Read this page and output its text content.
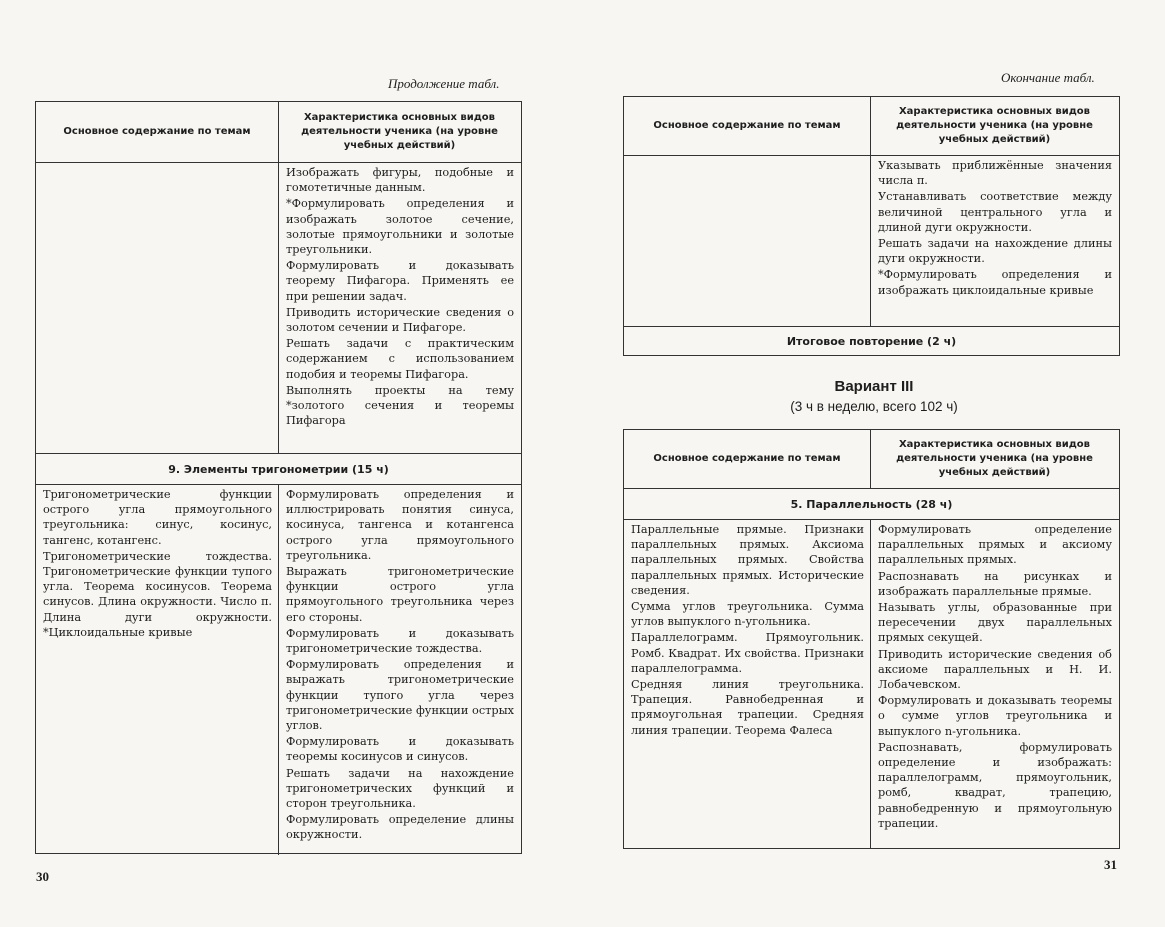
Продолжение табл.
Основное содержание по темам
Характеристика основных видов деятельности ученика (на уровне учебных действий)

Изображать фигуры, подобные и гомотетичные данным.

*Формулировать определения и изображать золотое сечение, золотые прямоугольники и золотые треугольники.

Формулировать и доказывать теорему Пифагора. Применять ее при решении задач.

Приводить исторические сведения о золотом сечении и Пифагоре.

Решать задачи с практическим содержанием с использованием подобия и теоремы Пифагора.

Выполнять проекты на тему *золотого сечения и теоремы Пифагора

9. Элементы тригонометрии (15 ч)

Тригонометрические функции острого угла прямоугольного треугольника: синус, косинус, тангенс, котангенс.

Тригонометрические тождества. Тригонометрические функции тупого угла. Теорема косинусов. Теорема синусов. Длина окружности. Число π. Длина дуги окружности. *Циклоидальные кривые

Формулировать определения и иллюстрировать понятия синуса, косинуса, тангенса и котангенса острого угла прямоугольного треугольника.

Выражать тригонометрические функции острого угла прямоугольного треугольника через его стороны.

Формулировать и доказывать тригонометрические тождества.

Формулировать определения и выражать тригонометрические функции тупого угла через тригонометрические функции острых углов.

Формулировать и доказывать теоремы косинусов и синусов.

Решать задачи на нахождение тригонометрических функций и сторон треугольника.

Формулировать определение длины окружности.

30
Окончание табл.
Основное содержание по темам
Характеристика основных видов деятельности ученика (на уровне учебных действий)

Указывать приближённые значения числа π.

Устанавливать соответствие между величиной центрального угла и длиной дуги окружности.

Решать задачи на нахождение длины дуги окружности.

*Формулировать определения и изображать циклоидальные кривые

Итоговое повторение (2 ч)
Вариант III
(3 ч в неделю, всего 102 ч)
Основное содержание по темам
Характеристика основных видов деятельности ученика (на уровне учебных действий)
5. Параллельность (28 ч)

Параллельные прямые. Признаки параллельных прямых. Аксиома параллельных прямых. Свойства параллельных прямых. Исторические сведения.

Сумма углов треугольника. Сумма углов выпуклого n-угольника.

Параллелограмм. Прямоугольник. Ромб. Квадрат. Их свойства. Признаки параллелограмма.

Средняя линия треугольника. Трапеция. Равнобедренная и прямоугольная трапеции. Средняя линия трапеции. Теорема Фалеса

Формулировать определение параллельных прямых и аксиому параллельных прямых.

Распознавать на рисунках и изображать параллельные прямые.

Называть углы, образованные при пересечении двух параллельных прямых секущей.

Приводить исторические сведения об аксиоме параллельных и Н. И. Лобачевском.

Формулировать и доказывать теоремы о сумме углов треугольника и выпуклого n-угольника.

Распознавать, формулировать определение и изображать: параллелограмм, прямоугольник, ромб, квадрат, трапецию, равнобедренную и прямоугольную трапеции.

31
